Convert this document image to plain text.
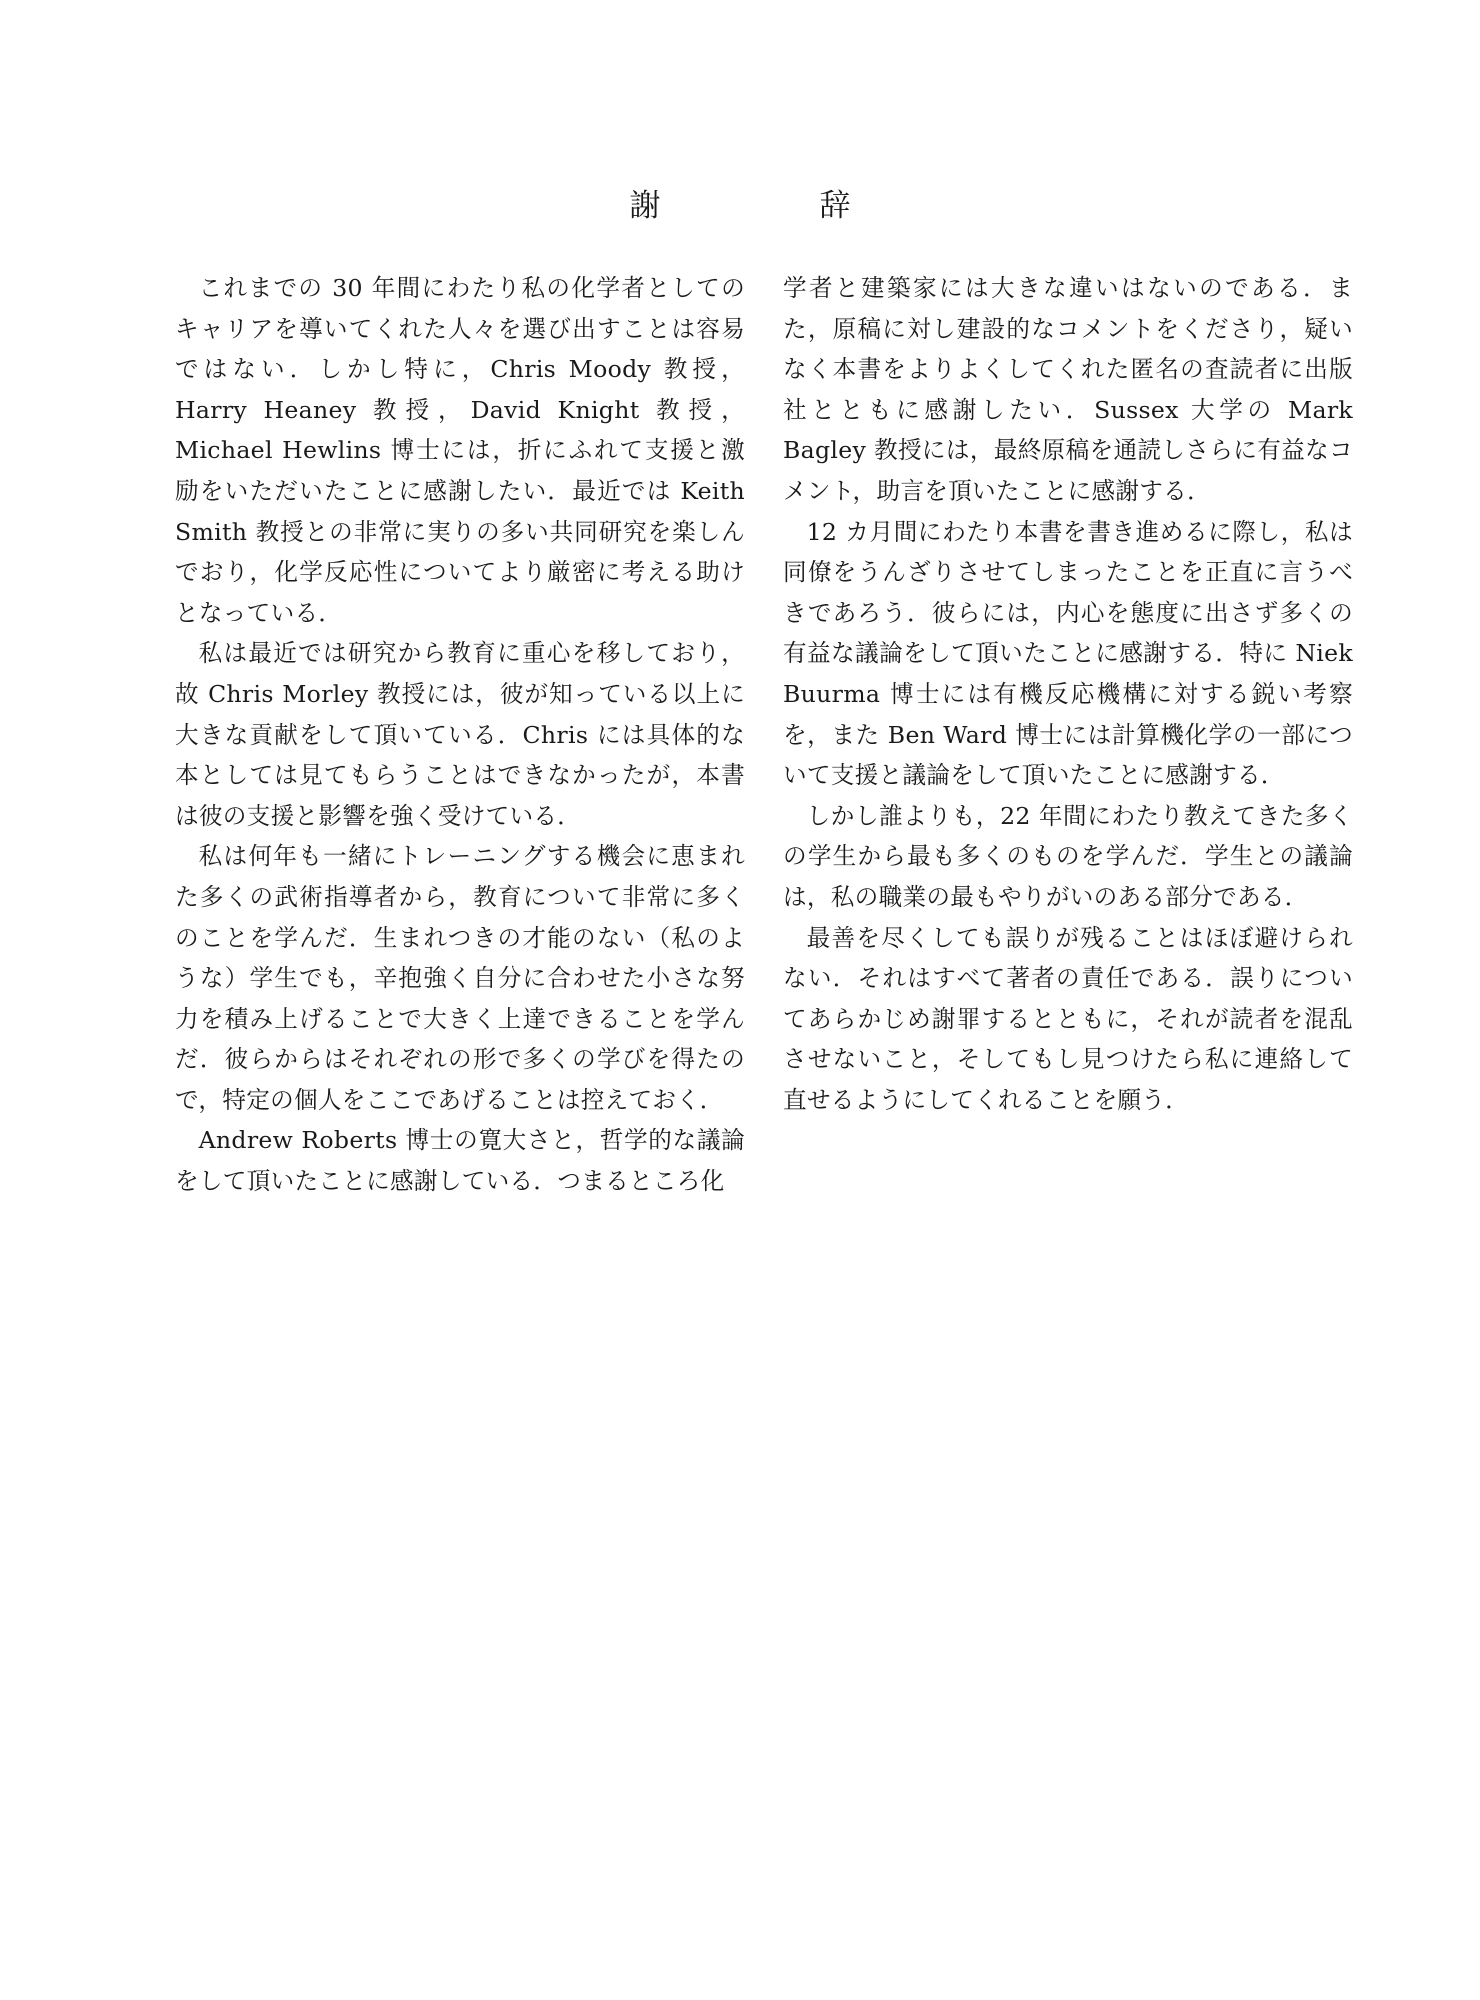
謝　辞

これまでの 30 年間にわたり私の化学者としてのキャリアを導いてくれた人々を選び出すことは容易ではない．しかし特に，Chris Moody 教授，Harry Heaney 教授，David Knight 教授，Michael Hewlins 博士には，折にふれて支援と激励をいただいたことに感謝したい．最近では Keith Smith 教授との非常に実りの多い共同研究を楽しんでおり，化学反応性についてより厳密に考える助けとなっている．

私は最近では研究から教育に重心を移しており，故 Chris Morley 教授には，彼が知っている以上に大きな貢献をして頂いている．Chris には具体的な本としては見てもらうことはできなかったが，本書は彼の支援と影響を強く受けている．

私は何年も一緒にトレーニングする機会に恵まれた多くの武術指導者から，教育について非常に多くのことを学んだ．生まれつきの才能のない（私のような）学生でも，辛抱強く自分に合わせた小さな努力を積み上げることで大きく上達できることを学んだ．彼らからはそれぞれの形で多くの学びを得たので，特定の個人をここであげることは控えておく．

Andrew Roberts 博士の寛大さと，哲学的な議論をして頂いたことに感謝している．つまるところ化

学者と建築家には大きな違いはないのである．また，原稿に対し建設的なコメントをくださり，疑いなく本書をよりよくしてくれた匿名の査読者に出版社とともに感謝したい．Sussex 大学の Mark Bagley 教授には，最終原稿を通読しさらに有益なコメント，助言を頂いたことに感謝する．

12 カ月間にわたり本書を書き進めるに際し，私は同僚をうんざりさせてしまったことを正直に言うべきであろう．彼らには，内心を態度に出さず多くの有益な議論をして頂いたことに感謝する．特に Niek Buurma 博士には有機反応機構に対する鋭い考察を，また Ben Ward 博士には計算機化学の一部について支援と議論をして頂いたことに感謝する．

しかし誰よりも，22 年間にわたり教えてきた多くの学生から最も多くのものを学んだ．学生との議論は，私の職業の最もやりがいのある部分である．

最善を尽くしても誤りが残ることはほぼ避けられない．それはすべて著者の責任である．誤りについてあらかじめ謝罪するとともに，それが読者を混乱させないこと，そしてもし見つけたら私に連絡して直せるようにしてくれることを願う．
